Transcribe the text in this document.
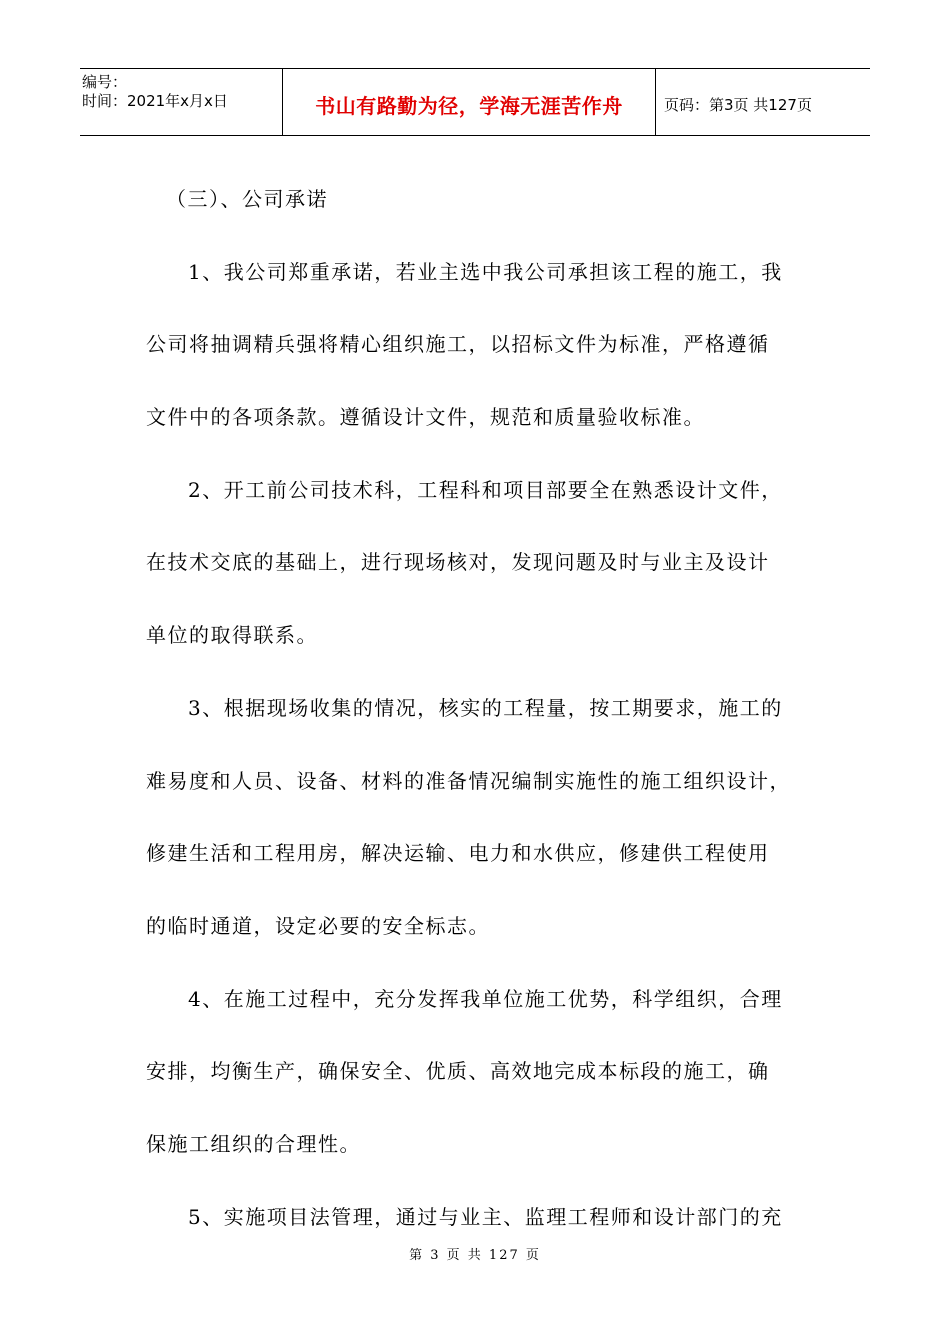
编号：
时间：2021年x月x日	书山有路勤为径，学海无涯苦作舟	页码：第3页 共127页
（三）、公司承诺
1、我公司郑重承诺，若业主选中我公司承担该工程的施工，我
公司将抽调精兵强将精心组织施工，以招标文件为标准，严格遵循
文件中的各项条款。遵循设计文件，规范和质量验收标准。
2、开工前公司技术科，工程科和项目部要全在熟悉设计文件，
在技术交底的基础上，进行现场核对，发现问题及时与业主及设计
单位的取得联系。
3、根据现场收集的情况，核实的工程量，按工期要求，施工的
难易度和人员、设备、材料的准备情况编制实施性的施工组织设计，
修建生活和工程用房，解决运输、电力和水供应，修建供工程使用
的临时通道，设定必要的安全标志。
4、在施工过程中，充分发挥我单位施工优势，科学组织，合理
安排，均衡生产，确保安全、优质、高效地完成本标段的施工，确
保施工组织的合理性。
5、实施项目法管理，通过与业主、监理工程师和设计部门的充
第 3 页 共 127 页
